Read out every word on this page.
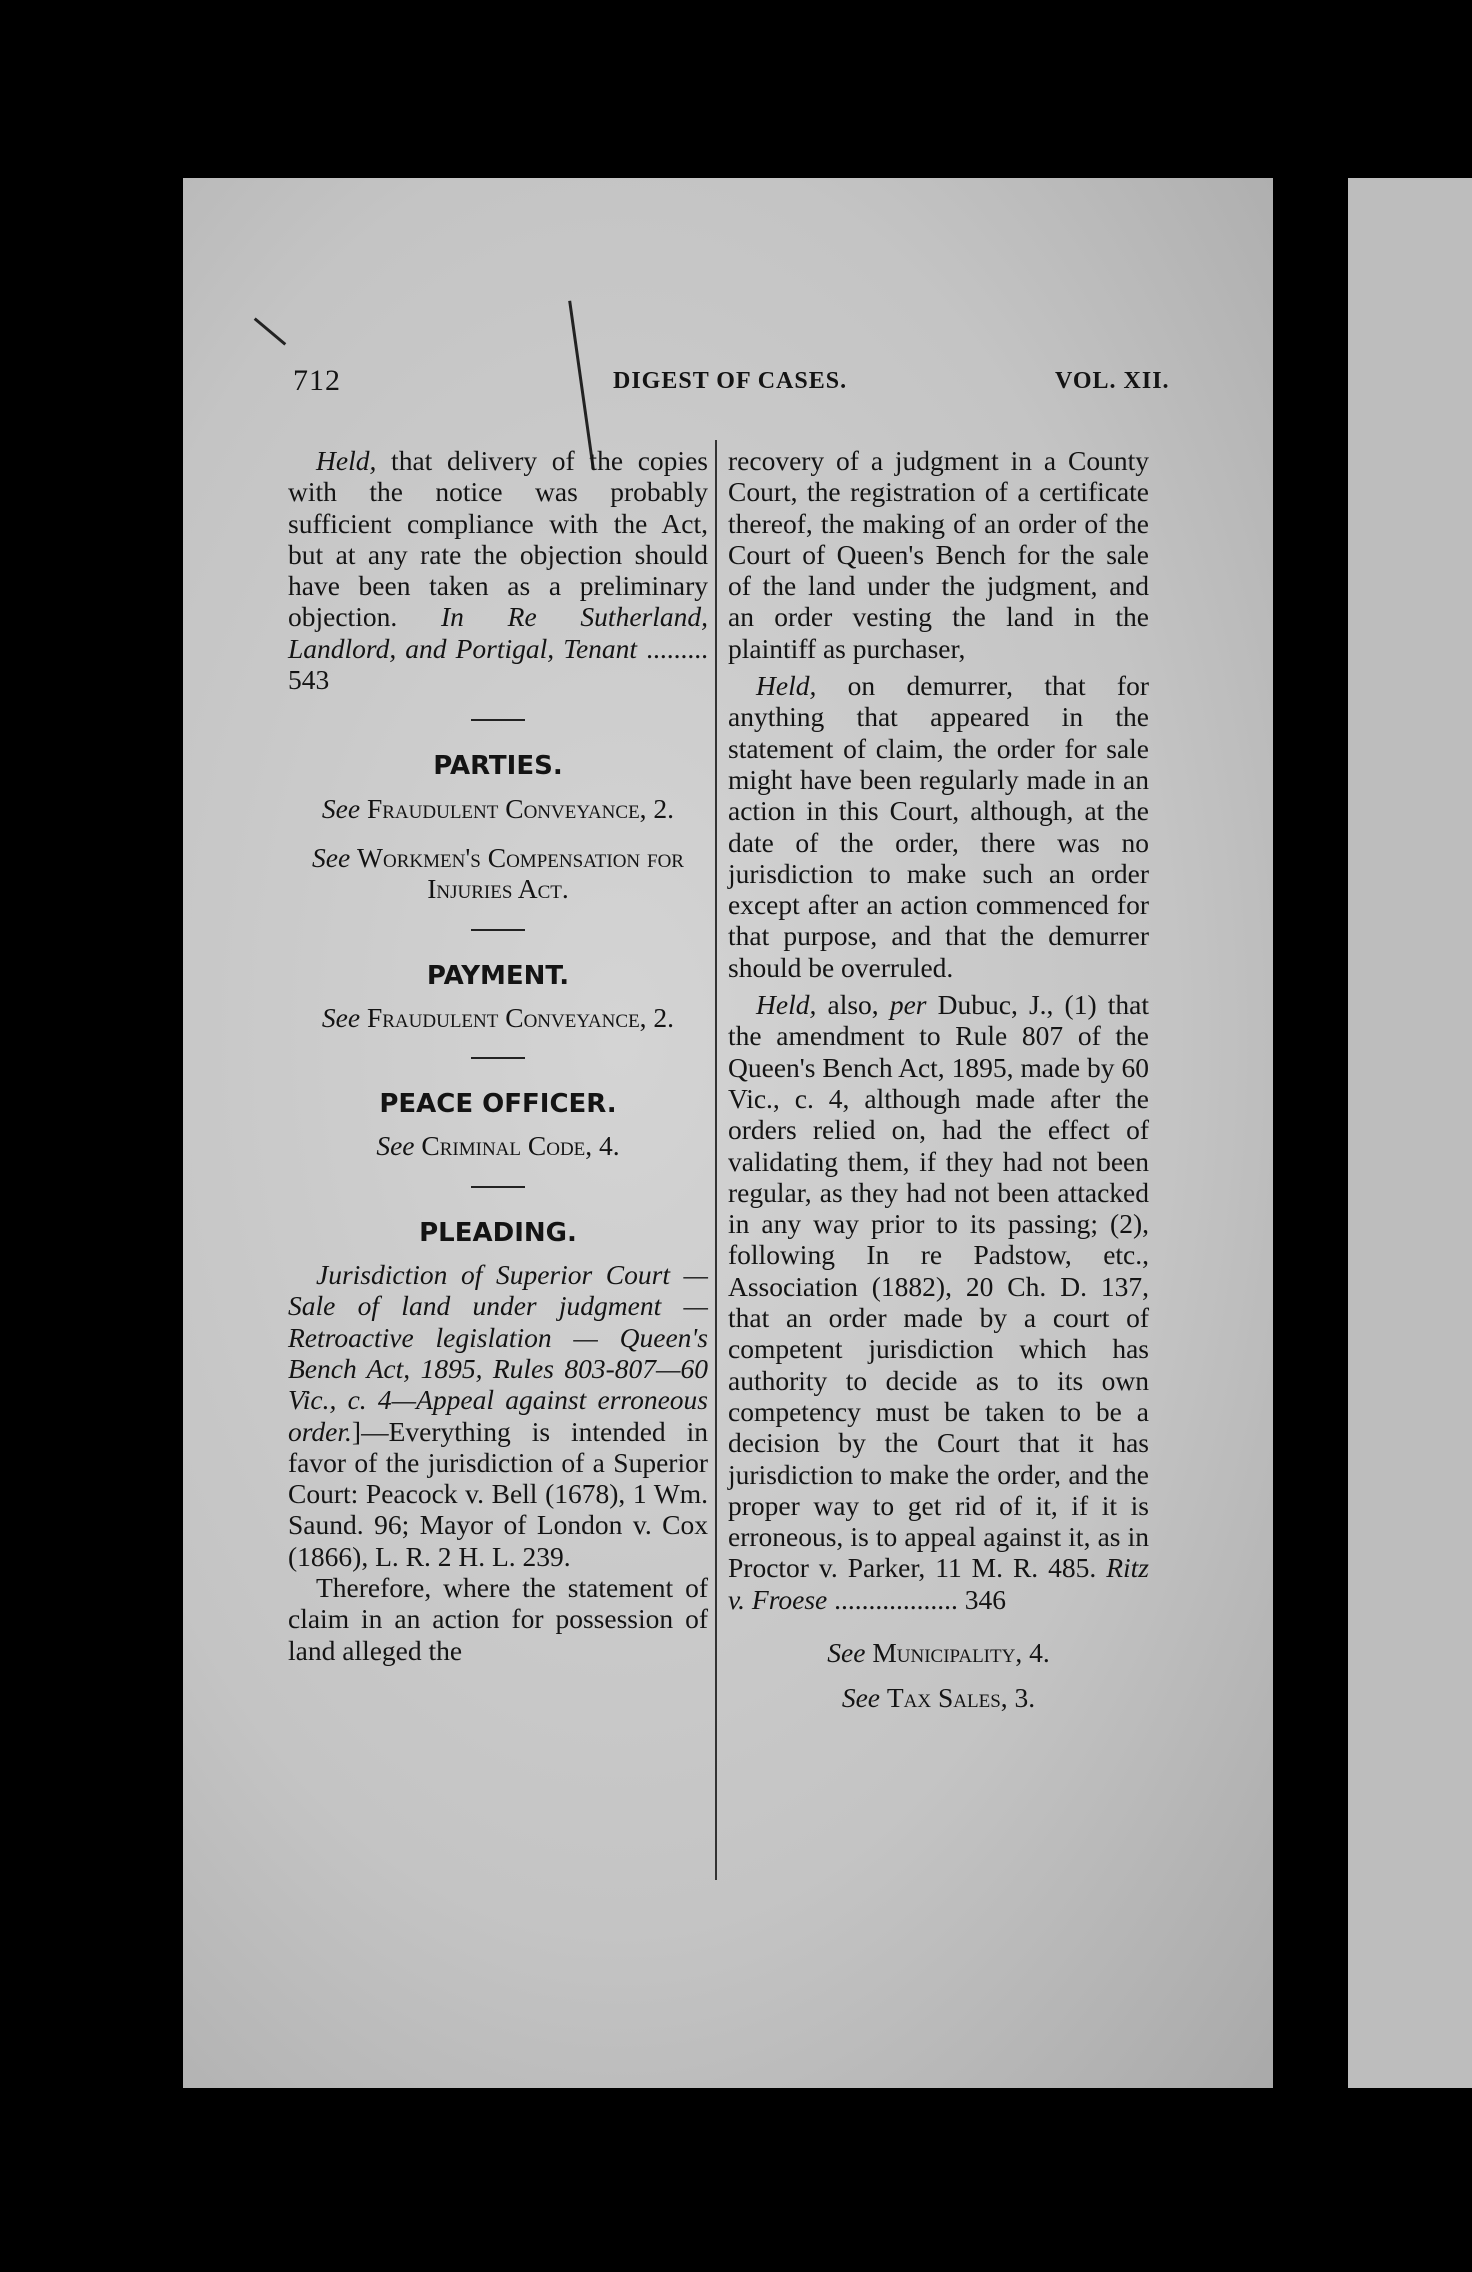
712	DIGEST OF CASES.	VOL. XII.

Held, that delivery of the copies with the notice was probably sufficient compliance with the Act, but at any rate the objection should have been taken as a preliminary objection. In Re Sutherland, Landlord, and Portigal, Tenant ......... 543

PARTIES.

See Fraudulent Conveyance, 2.

See Workmen's Compensation for Injuries Act.

PAYMENT.

See Fraudulent Conveyance, 2.

PEACE OFFICER.

See Criminal Code, 4.

PLEADING.

Jurisdiction of Superior Court —Sale of land under judgment — Retroactive legislation — Queen's Bench Act, 1895, Rules 803-807—60 Vic., c. 4—Appeal against erroneous order.]—Everything is intended in favor of the jurisdiction of a Superior Court: Peacock v. Bell (1678), 1 Wm. Saund. 96; Mayor of London v. Cox (1866), L. R. 2 H. L. 239.

Therefore, where the statement of claim in an action for possession of land alleged the

recovery of a judgment in a County Court, the registration of a certificate thereof, the making of an order of the Court of Queen's Bench for the sale of the land under the judgment, and an order vesting the land in the plaintiff as purchaser,

Held, on demurrer, that for anything that appeared in the statement of claim, the order for sale might have been regularly made in an action in this Court, although, at the date of the order, there was no jurisdiction to make such an order except after an action commenced for that purpose, and that the demurrer should be overruled.

Held, also, per Dubuc, J., (1) that the amendment to Rule 807 of the Queen's Bench Act, 1895, made by 60 Vic., c. 4, although made after the orders relied on, had the effect of validating them, if they had not been regular, as they had not been attacked in any way prior to its passing; (2), following In re Padstow, etc., Association (1882), 20 Ch. D. 137, that an order made by a court of competent jurisdiction which has authority to decide as to its own competency must be taken to be a decision by the Court that it has jurisdiction to make the order, and the proper way to get rid of it, if it is erroneous, is to appeal against it, as in Proctor v. Parker, 11 M. R. 485. Ritz v. Froese .................. 346

See Municipality, 4.

See Tax Sales, 3.
